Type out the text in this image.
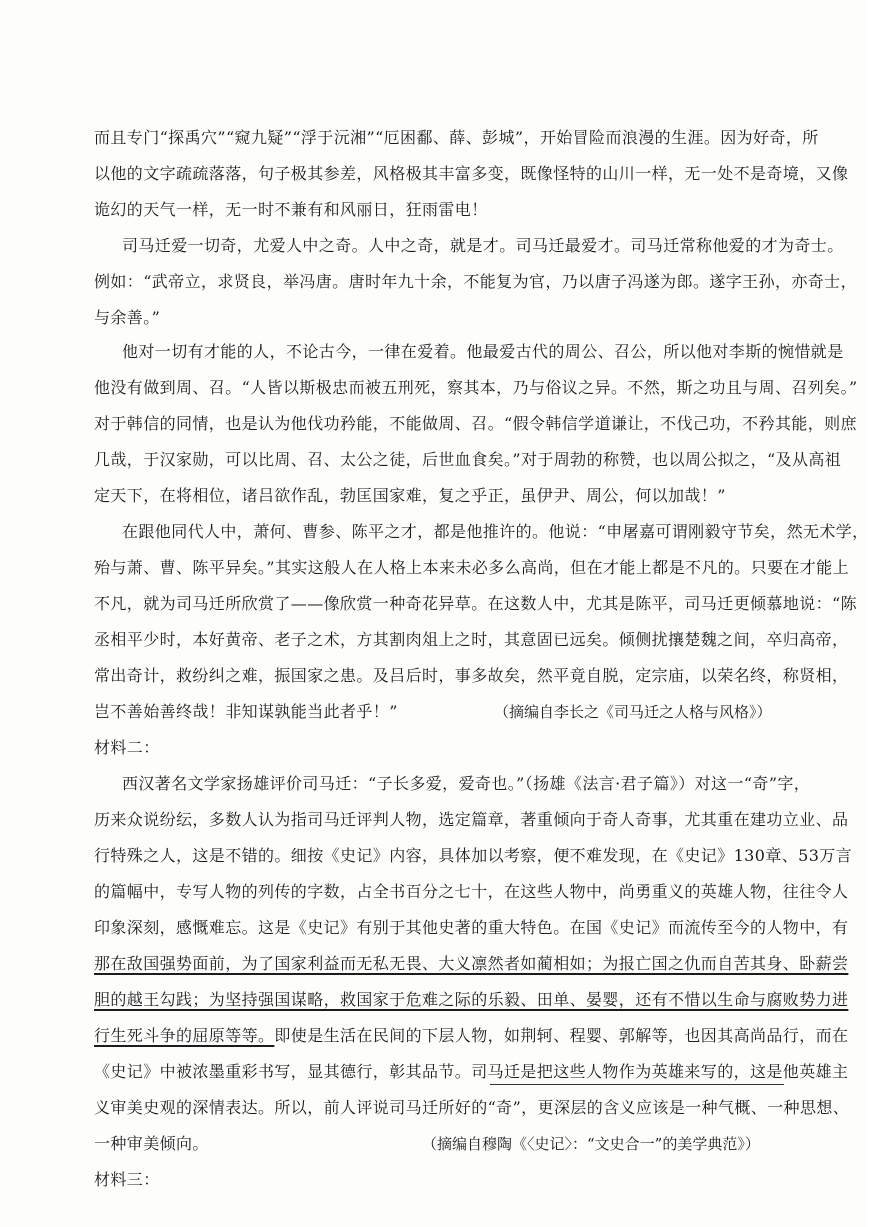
而且专门“探禹穴”“窥九疑”“浮于沅湘”“厄困鄱、薛、彭城”，开始冒险而浪漫的生涯。因为好奇，所
以他的文字疏疏落落，句子极其参差，风格极其丰富多变，既像怪特的山川一样，无一处不是奇境，又像
诡幻的天气一样，无一时不兼有和风丽日，狂雨雷电！
司马迁爱一切奇，尤爱人中之奇。人中之奇，就是才。司马迁最爱才。司马迁常称他爱的才为奇士。
例如：“武帝立，求贤良，举冯唐。唐时年九十余，不能复为官，乃以唐子冯遂为郎。遂字王孙，亦奇士，
与余善。”
他对一切有才能的人，不论古今，一律在爱着。他最爱古代的周公、召公，所以他对李斯的惋惜就是
他没有做到周、召。“人皆以斯极忠而被五刑死，察其本，乃与俗议之异。不然，斯之功且与周、召列矣。”
对于韩信的同情，也是认为他伐功矜能，不能做周、召。“假令韩信学道谦让，不伐己功，不矜其能，则庶
几哉，于汉家勋，可以比周、召、太公之徒，后世血食矣。”对于周勃的称赞，也以周公拟之，“及从高祖
定天下，在将相位，诸吕欲作乱，勃匡国家难，复之乎正，虽伊尹、周公，何以加哉！”
在跟他同代人中，萧何、曹参、陈平之才，都是他推许的。他说：“申屠嘉可谓刚毅守节矣，然无术学，
殆与萧、曹、陈平异矣。”其实这般人在人格上本来未必多么高尚，但在才能上都是不凡的。只要在才能上
不凡，就为司马迁所欣赏了——像欣赏一种奇花异草。在这数人中，尤其是陈平，司马迁更倾慕地说：“陈
丞相平少时，本好黄帝、老子之术，方其割肉俎上之时，其意固已远矣。倾侧扰攘楚魏之间，卒归高帝，
常出奇计，救纷纠之难，振国家之患。及吕后时，事多故矣，然平竟自脱，定宗庙，以荣名终，称贤相，
岂不善始善终哉！非知谋孰能当此者乎！”	（摘编自李长之《司马迁之人格与风格》）
材料二：
西汉著名文学家扬雄评价司马迁：“子长多爱，爱奇也。”（扬雄《法言·君子篇》）对这一“奇”字，
历来众说纷纭，多数人认为指司马迁评判人物，选定篇章，著重倾向于奇人奇事，尤其重在建功立业、品
行特殊之人，这是不错的。细按《史记》内容，具体加以考察，便不难发现，在《史记》130章、53万言
的篇幅中，专写人物的列传的字数，占全书百分之七十，在这些人物中，尚勇重义的英雄人物，往往令人
印象深刻，感慨难忘。这是《史记》有别于其他史著的重大特色。在国《史记》而流传至今的人物中，有
那在敌国强势面前，为了国家利益而无私无畏、大义凛然者如蔺相如；为报亡国之仇而自苦其身、卧薪尝
胆的越王勾践；为坚持强国谋略，救国家于危难之际的乐毅、田单、晏婴，还有不惜以生命与腐败势力进
行生死斗争的屈原等等。即使是生活在民间的下层人物，如荆轲、程婴、郭解等，也因其高尚品行，而在
《史记》中被浓墨重彩书写，显其德行，彰其品节。司马迁是把这些人物作为英雄来写的，这是他英雄主
义审美史观的深情表达。所以，前人评说司马迁所好的“奇”，更深层的含义应该是一种气概、一种思想、
一种审美倾向。	（摘编自穆陶《〈史记〉：“文史合一”的美学典范》）
材料三：
